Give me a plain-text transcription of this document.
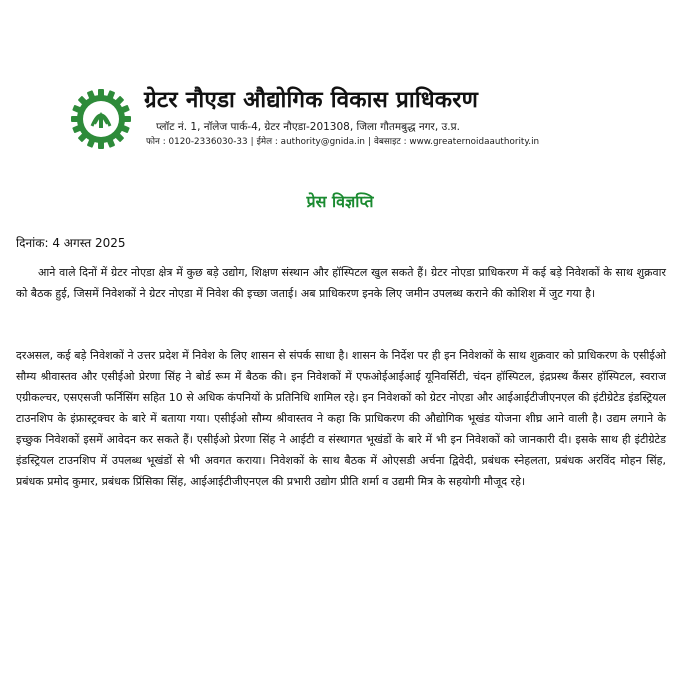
ग्रेटर नौएडा औद्योगिक विकास प्राधिकरण
प्लॉट नं. 1, नॉलेज पार्क-4, ग्रेटर नौएडा-201308, जिला गौतमबुद्ध नगर, उ.प्र.
फोन : 0120-2336030-33 | ईमेल : authority@gnida.in | वेबसाइट : www.greaternoidaauthority.in
प्रेस विज्ञप्ति
दिनांक: 4 अगस्त 2025

आने वाले दिनों में ग्रेटर नोएडा क्षेत्र में कुछ बड़े उद्योग, शिक्षण संस्थान और हॉस्पिटल खुल सकते हैं। ग्रेटर नोएडा प्राधिकरण में कई बड़े निवेशकों के साथ शुक्रवार को बैठक हुई, जिसमें निवेशकों ने ग्रेटर नोएडा में निवेश की इच्छा जताई। अब प्राधिकरण इनके लिए जमीन उपलब्ध कराने की कोशिश में जुट गया है।

दरअसल, कई बड़े निवेशकों ने उत्तर प्रदेश में निवेश के लिए शासन से संपर्क साधा है। शासन के निर्देश पर ही इन निवेशकों के साथ शुक्रवार को प्राधिकरण के एसीईओ सौम्य श्रीवास्तव और एसीईओ प्रेरणा सिंह ने बोर्ड रूम में बैठक की। इन निवेशकों में एफओईआईआई यूनिवर्सिटी, चंदन हॉस्पिटल, इंद्रप्रस्थ कैंसर हॉस्पिटल, स्वराज एग्रीकल्चर, एसएसजी फर्निसिंग सहित 10 से अधिक कंपनियों के प्रतिनिधि शामिल रहे। इन निवेशकों को ग्रेटर नोएडा और आईआईटीजीएनएल की इंटीग्रेटेड इंडस्ट्रियल टाउनशिप के इंफ्रास्ट्रक्चर के बारे में बताया गया। एसीईओ सौम्य श्रीवास्तव ने कहा कि प्राधिकरण की औद्योगिक भूखंड योजना शीघ्र आने वाली है। उद्यम लगाने के इच्छुक निवेशकों इसमें आवेदन कर सकते हैं। एसीईओ प्रेरणा सिंह ने आईटी व संस्थागत भूखंडों के बारे में भी इन निवेशकों को जानकारी दी। इसके साथ ही इंटीग्रेटेड इंडस्ट्रियल टाउनशिप में उपलब्ध भूखंडों से भी अवगत कराया। निवेशकों के साथ बैठक में ओएसडी अर्चना द्विवेदी, प्रबंधक स्नेहलता, प्रबंधक अरविंद मोहन सिंह, प्रबंधक प्रमोद कुमार, प्रबंधक प्रिंसिका सिंह, आईआईटीजीएनएल की प्रभारी उद्योग प्रीति शर्मा व उद्यमी मित्र के सहयोगी मौजूद रहे।
